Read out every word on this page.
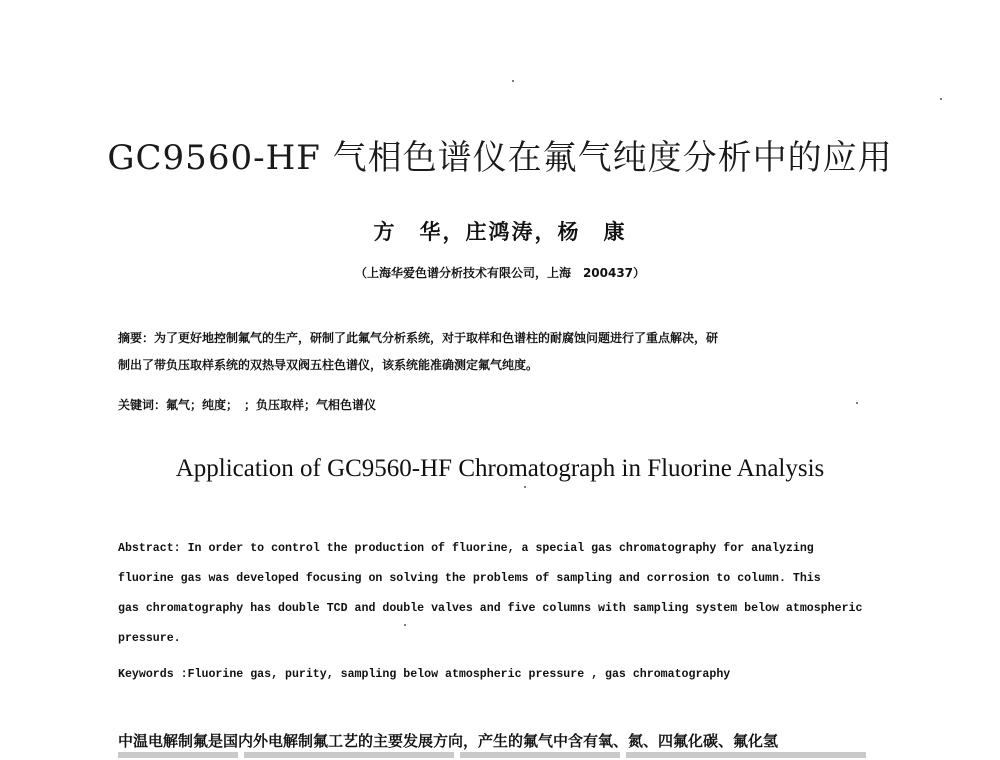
GC9560-HF 气相色谱仪在氟气纯度分析中的应用
方　华，庄鸿涛，杨　康
（上海华爱色谱分析技术有限公司，上海　200437）
摘要：为了更好地控制氟气的生产，研制了此氟气分析系统，对于取样和色谱柱的耐腐蚀问题进行了重点解决，研
制出了带负压取样系统的双热导双阀五柱色谱仪，该系统能准确测定氟气纯度。
关键词：氟气；纯度；　；负压取样；气相色谱仪
Application of GC9560-HF Chromatograph in Fluorine Analysis
Abstract: In order to control the production of fluorine, a special gas chromatography for analyzing
fluorine gas was developed focusing on solving the problems of sampling and corrosion to column. This
gas chromatography has double TCD and double valves and five columns with sampling system below atmospheric
pressure.
Keywords :Fluorine gas, purity, sampling below atmospheric pressure , gas chromatography
中温电解制氟是国内外电解制氟工艺的主要发展方向，产生的氟气中含有氧、氮、四氟化碳、氟化氢
